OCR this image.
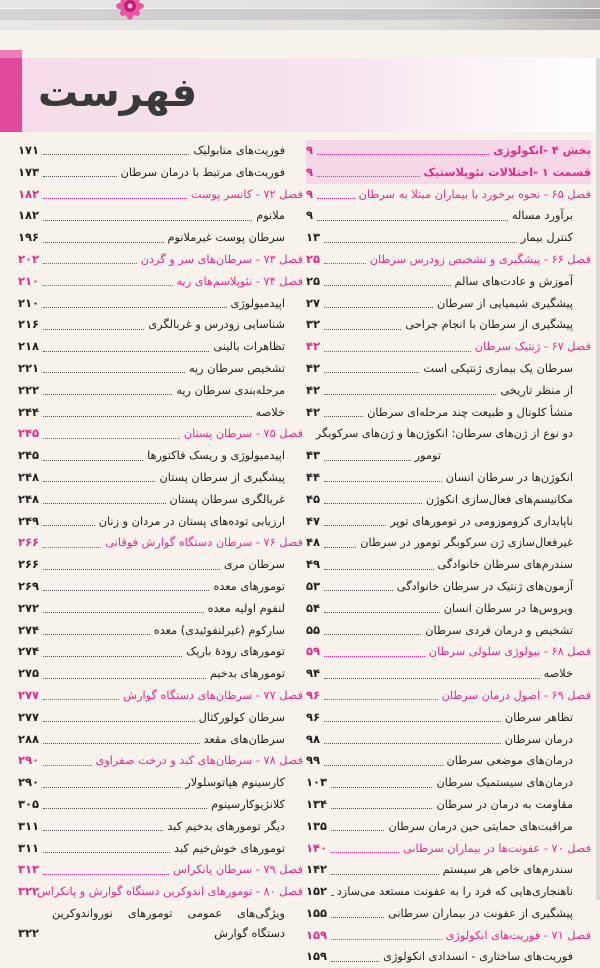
فهرست
بخش ۴ -انکولوژی
۹
قسمت ۱ -اختلالات نئوپلاستیک
۹
فصل ۶۵ - نحوه برخورد با بیماران مبتلا به سرطان
۹
برآورد مساله
۹
کنترل بیمار
۱۳
فصل ۶۶ - پیشگیری و تشخیص زودرس سرطان
۲۵
آموزش و عادت‌های سالم
۲۵
پیشگیری شیمیایی از سرطان
۲۷
پیشگیری از سرطان با انجام جراحی
۳۲
فصل ۶۷ - ژنتیک سرطان
۴۲
سرطان یک بیماری ژنتیکی است
۴۲
از منظر تاریخی
۴۲
منشأ کلونال و طبیعت چند مرحله‌ای سرطان
۴۲
دو نوع از ژن‌های سرطان: انکوژن‌ها و ژن‌های سرکوبگر
تومور
۴۳
انکوژن‌ها در سرطان انسان
۴۴
مکانیسم‌های فعال‌سازی انکوژن
۴۵
ناپایداری کروموزومی در تومورهای توپر
۴۷
غیرفعال‌سازی ژن سرکوبگر تومور در سرطان
۴۸
سندرم‌های سرطان خانوادگی
۴۹
آزمون‌های ژنتیک در سرطان خانوادگی
۵۳
ویروس‌ها در سرطان انسان
۵۴
تشخیص و درمان فردی سرطان
۵۵
فصل ۶۸ - بیولوژی سلولی سرطان
۵۹
خلاصه
۹۴
فصل ۶۹ - اصول درمان سرطان
۹۶
تظاهر سرطان
۹۶
درمان سرطان
۹۸
درمان‌های موضعی سرطان
۹۹
درمان‌های سیستمیک سرطان
۱۰۳
مقاومت به درمان در سرطان
۱۳۴
مراقبت‌های حمایتی حین درمان سرطان
۱۳۵
فصل ۷۰ - عفونت‌ها در بیماران سرطانی
۱۴۰
سندرم‌های خاص هر سیستم
۱۴۲
ناهنجاری‌هایی که فرد را به عفونت مستعد می‌سازد
۱۵۲
پیشگیری از عفونت در بیماران سرطانی
۱۵۵
فصل ۷۱ - فوریت‌های انکولوژی
۱۵۹
فوریت‌های ساختاری - انسدادی انکولوژی
۱۵۹
فوریت‌های متابولیک
۱۷۱
فوریت‌های مرتبط با درمان سرطان
۱۷۳
فصل ۷۲ - کانسر پوست
۱۸۲
ملانوم
۱۸۲
سرطان پوست غیرملانوم
۱۹۶
فصل ۷۳ - سرطان‌های سر و گردن
۲۰۲
فصل ۷۴ - نئوپلاسم‌های ریه
۲۱۰
اپیدمیولوژی
۲۱۰
شناسایی زودرس و غربالگری
۲۱۶
تظاهرات بالینی
۲۱۸
تشخیص سرطان ریه
۲۲۱
مرحله‌بندی سرطان ریه
۲۲۲
خلاصه
۲۴۴
فصل ۷۵ - سرطان پستان
۲۴۵
اپیدمیولوژی و ریسک فاکتورها
۲۴۵
پیشگیری از سرطان پستان
۲۴۸
غربالگری سرطان پستان
۲۴۸
ارزیابی توده‌های پستان در مردان و زنان
۲۴۹
فصل ۷۶ - سرطان دستگاه گوارش فوقانی
۲۶۶
سرطان مری
۲۶۶
تومورهای معده
۲۶۹
لنفوم اولیه معده
۲۷۲
سارکوم (غیرلنفوئیدی) معده
۲۷۴
تومورهای رودهٔ باریک
۲۷۴
تومورهای بدخیم
۲۷۵
فصل ۷۷ - سرطان‌های دستگاه گوارش
۲۷۷
سرطان کولورکتال
۲۷۷
سرطان‌های مقعد
۲۸۸
فصل ۷۸ - سرطان‌های کبد و درخت صفراوی
۲۹۰
کارسینوم هپاتوسلولار
۲۹۰
کلانژیوکارسینوم
۳۰۵
دیگر تومورهای بدخیم کبد
۳۱۱
تومورهای خوش‌خیم کبد
۳۱۱
فصل ۷۹ - سرطان پانکراس
۳۱۳
فصل ۸۰ - تومورهای اندوکرین دستگاه گوارش و پانکراس
۳۲۲
ویژگی‌های عمومی تومورهای نورواندوکرین دستگاه گوارش
۳۲۲
